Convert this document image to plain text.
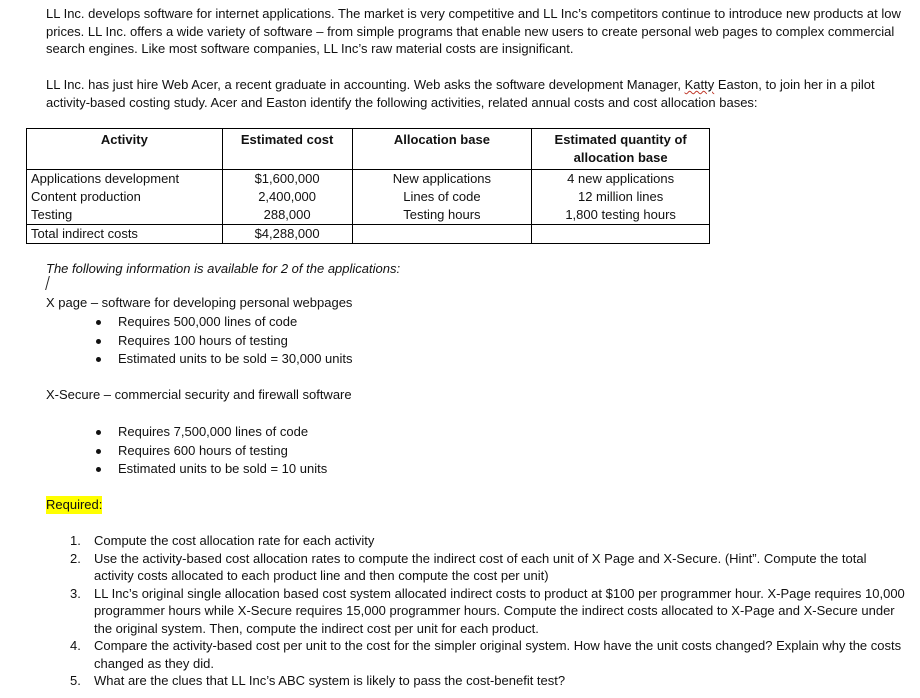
LL Inc. develops software for internet applications. The market is very competitive and LL Inc’s competitors continue to introduce new products at low prices. LL Inc. offers a wide variety of software – from simple programs that enable new users to create personal web pages to complex commercial search engines. Like most software companies, LL Inc’s raw material costs are insignificant.

LL Inc. has just hire Web Acer, a recent graduate in accounting. Web asks the software development Manager, Katty Easton, to join her in a pilot activity-based costing study. Acer and Easton identify the following activities, related annual costs and cost allocation bases:

Activity	Estimated cost	Allocation base	Estimated quantity of allocation base
Applications development	$1,600,000	New applications	4 new applications
Content production	2,400,000	Lines of code	12 million lines
Testing	288,000	Testing hours	1,800 testing hours
Total indirect costs	$4,288,000		
The following information is available for 2 of the applications:
X page – software for developing personal webpages
Requires 500,000 lines of code
Requires 100 hours of testing
Estimated units to be sold = 30,000 units
X-Secure – commercial security and firewall software
Requires 7,500,000 lines of code
Requires 600 hours of testing
Estimated units to be sold = 10 units
Required:
1. Compute the cost allocation rate for each activity
2. Use the activity-based cost allocation rates to compute the indirect cost of each unit of X Page and X-Secure. (Hint”. Compute the total activity costs allocated to each product line and then compute the cost per unit)
3. LL Inc’s original single allocation based cost system allocated indirect costs to product at $100 per programmer hour. X-Page requires 10,000 programmer hours while X-Secure requires 15,000 programmer hours. Compute the indirect costs allocated to X-Page and X-Secure under the original system. Then, compute the indirect cost per unit for each product.
4. Compare the activity-based cost per unit to the cost for the simpler original system. How have the unit costs changed? Explain why the costs changed as they did.
5. What are the clues that LL Inc’s ABC system is likely to pass the cost-benefit test?
